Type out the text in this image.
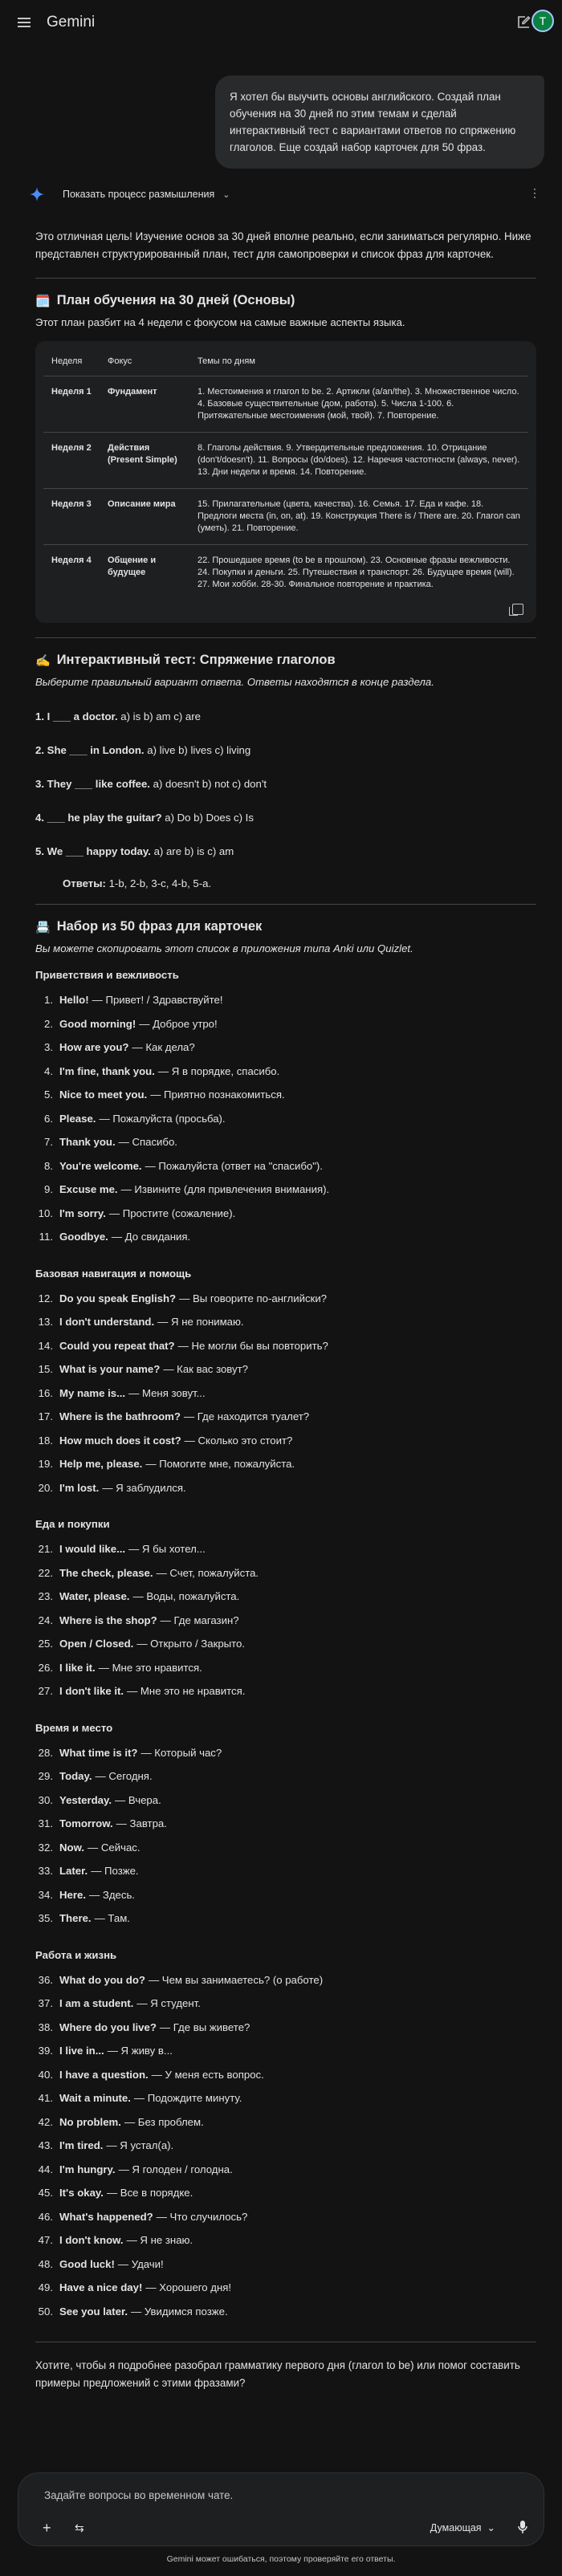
Gemini	T
Я хотел бы выучить основы английского. Создай план обучения на 30 дней по этим темам и сделай интерактивный тест с вариантами ответов по спряжению глаголов. Еще создай набор карточек для 50 фраз.
Показать процесс размышления ⌄	⋮

Это отличная цель! Изучение основ за 30 дней вполне реально, если заниматься регулярно. Ниже представлен структурированный план, тест для самопроверки и список фраз для карточек.

🗓️ План обучения на 30 дней (Основы)
Этот план разбит на 4 недели с фокусом на самые важные аспекты языка.
Неделя	Фокус	Темы по дням
Неделя 1	Фундамент	1. Местоимения и глагол to be. 2. Артикли (a/an/the). 3. Множественное число. 4. Базовые существительные (дом, работа). 5. Числа 1-100. 6. Притяжательные местоимения (мой, твой). 7. Повторение.
Неделя 2	Действия (Present Simple)	8. Глаголы действия. 9. Утвердительные предложения. 10. Отрицание (don't/doesn't). 11. Вопросы (do/does). 12. Наречия частотности (always, never). 13. Дни недели и время. 14. Повторение.
Неделя 3	Описание мира	15. Прилагательные (цвета, качества). 16. Семья. 17. Еда и кафе. 18. Предлоги места (in, on, at). 19. Конструкция There is / There are. 20. Глагол can (уметь). 21. Повторение.
Неделя 4	Общение и будущее	22. Прошедшее время (to be в прошлом). 23. Основные фразы вежливости. 24. Покупки и деньги. 25. Путешествия и транспорт. 26. Будущее время (will). 27. Мои хобби. 28-30. Финальное повторение и практика.
✍️ Интерактивный тест: Спряжение глаголов
Выберите правильный вариант ответа. Ответы находятся в конце раздела.
1. I ___ a doctor. a) is b) am c) are
2. She ___ in London. a) live b) lives c) living
3. They ___ like coffee. a) doesn't b) not c) don't
4. ___ he play the guitar? a) Do b) Does c) Is
5. We ___ happy today. a) are b) is c) am
Ответы: 1-b, 2-b, 3-c, 4-b, 5-a.
📇 Набор из 50 фраз для карточек
Вы можете скопировать этот список в приложения типа Anki или Quizlet.
Приветствия и вежливость
1. Hello! — Привет! / Здравствуйте!
2. Good morning! — Доброе утро!
3. How are you? — Как дела?
4. I'm fine, thank you. — Я в порядке, спасибо.
5. Nice to meet you. — Приятно познакомиться.
6. Please. — Пожалуйста (просьба).
7. Thank you. — Спасибо.
8. You're welcome. — Пожалуйста (ответ на "спасибо").
9. Excuse me. — Извините (для привлечения внимания).
10. I'm sorry. — Простите (сожаление).
11. Goodbye. — До свидания.
Базовая навигация и помощь
12. Do you speak English? — Вы говорите по-английски?
13. I don't understand. — Я не понимаю.
14. Could you repeat that? — Не могли бы вы повторить?
15. What is your name? — Как вас зовут?
16. My name is... — Меня зовут...
17. Where is the bathroom? — Где находится туалет?
18. How much does it cost? — Сколько это стоит?
19. Help me, please. — Помогите мне, пожалуйста.
20. I'm lost. — Я заблудился.
Еда и покупки
21. I would like... — Я бы хотел...
22. The check, please. — Счет, пожалуйста.
23. Water, please. — Воды, пожалуйста.
24. Where is the shop? — Где магазин?
25. Open / Closed. — Открыто / Закрыто.
26. I like it. — Мне это нравится.
27. I don't like it. — Мне это не нравится.
Время и место
28. What time is it? — Который час?
29. Today. — Сегодня.
30. Yesterday. — Вчера.
31. Tomorrow. — Завтра.
32. Now. — Сейчас.
33. Later. — Позже.
34. Here. — Здесь.
35. There. — Там.
Работа и жизнь
36. What do you do? — Чем вы занимаетесь? (о работе)
37. I am a student. — Я студент.
38. Where do you live? — Где вы живете?
39. I live in... — Я живу в...
40. I have a question. — У меня есть вопрос.
41. Wait a minute. — Подождите минуту.
42. No problem. — Без проблем.
43. I'm tired. — Я устал(а).
44. I'm hungry. — Я голоден / голодна.
45. It's okay. — Все в порядке.
46. What's happened? — Что случилось?
47. I don't know. — Я не знаю.
48. Good luck! — Удачи!
49. Have a nice day! — Хорошего дня!
50. See you later. — Увидимся позже.

Хотите, чтобы я подробнее разобрал грамматику первого дня (глагол to be) или помог составить примеры предложений с этими фразами?

Задайте вопросы во временном чате.
+ ⇆	Думающая  ⌄
Gemini может ошибаться, поэтому проверяйте его ответы.
